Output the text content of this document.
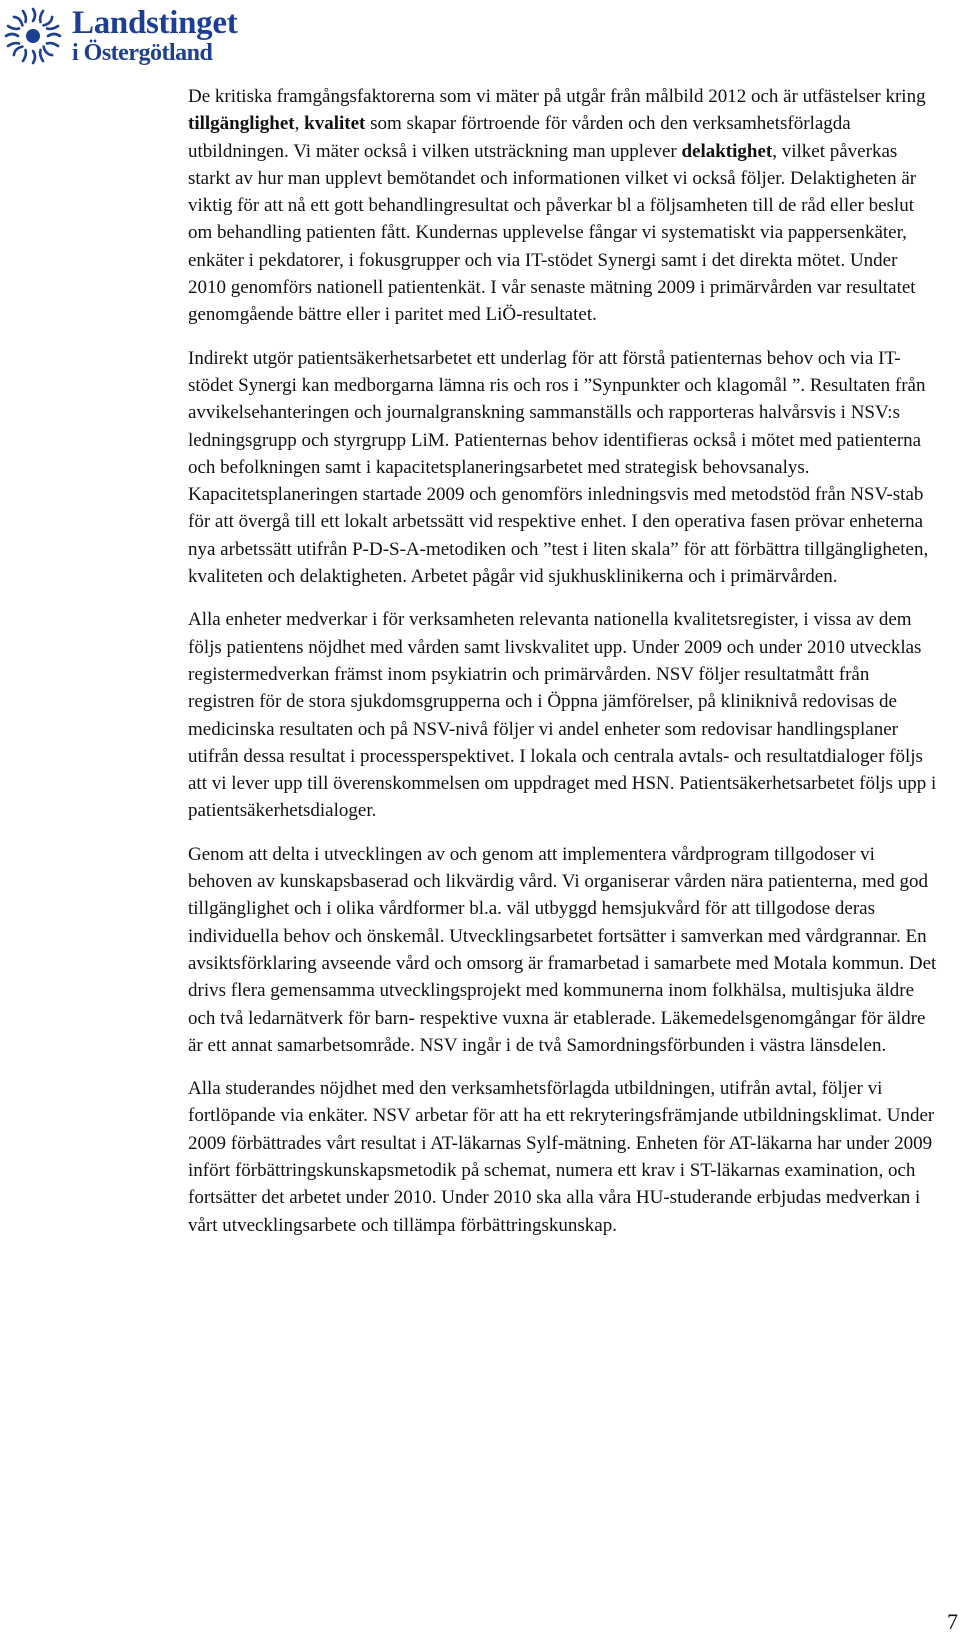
Landstinget
i Östergötland

De kritiska framgångsfaktorerna som vi mäter på utgår från målbild 2012 och är utfästelser kring tillgänglighet, kvalitet som skapar förtroende för vården och den verksamhetsförlagda utbildningen. Vi mäter också i vilken utsträckning man upplever delaktighet, vilket påverkas starkt av hur man upplevt bemötandet och informationen vilket vi också följer. Delaktigheten är viktig för att nå ett gott behandlingresultat och påverkar bl a följsamheten till de råd eller beslut om behandling patienten fått. Kundernas upplevelse fångar vi systematiskt via pappersenkäter, enkäter i pekdatorer, i fokusgrupper och via IT-stödet Synergi samt i det direkta mötet. Under 2010 genomförs nationell patientenkät. I vår senaste mätning 2009 i primärvården var resultatet genomgående bättre eller i paritet med LiÖ-resultatet.

Indirekt utgör patientsäkerhetsarbetet ett underlag för att förstå patienternas behov och via IT-stödet Synergi kan medborgarna lämna ris och ros i ”Synpunkter och klagomål ”. Resultaten från avvikelsehanteringen och journalgranskning sammanställs och rapporteras halvårsvis i NSV:s ledningsgrupp och styrgrupp LiM. Patienternas behov identifieras också i mötet med patienterna och befolkningen samt i kapacitetsplaneringsarbetet med strategisk behovsanalys. Kapacitetsplaneringen startade 2009 och genomförs inledningsvis med metodstöd från NSV-stab för att övergå till ett lokalt arbetssätt vid respektive enhet. I den operativa fasen prövar enheterna nya arbetssätt utifrån P-D-S-A-metodiken och ”test i liten skala” för att förbättra tillgängligheten, kvaliteten och delaktigheten. Arbetet pågår vid sjukhusklinikerna och i primärvården.

Alla enheter medverkar i för verksamheten relevanta nationella kvalitetsregister, i vissa av dem följs patientens nöjdhet med vården samt livskvalitet upp. Under 2009 och under 2010 utvecklas registermedverkan främst inom psykiatrin och primärvården. NSV följer resultatmått från registren för de stora sjukdomsgrupperna och i Öppna jämförelser, på kliniknivå redovisas de medicinska resultaten och på NSV-nivå följer vi andel enheter som redovisar handlingsplaner utifrån dessa resultat i processperspektivet. I lokala och centrala avtals- och resultatdialoger följs att vi lever upp till överenskommelsen om uppdraget med HSN. Patientsäkerhetsarbetet följs upp i patientsäkerhetsdialoger.

Genom att delta i utvecklingen av och genom att implementera vårdprogram tillgodoser vi behoven av kunskapsbaserad och likvärdig vård. Vi organiserar vården nära patienterna, med god tillgänglighet och i olika vårdformer bl.a. väl utbyggd hemsjukvård för att tillgodose deras individuella behov och önskemål. Utvecklingsarbetet fortsätter i samverkan med vårdgrannar. En avsiktsförklaring avseende vård och omsorg är framarbetad i samarbete med Motala kommun. Det drivs flera gemensamma utvecklingsprojekt med kommunerna inom folkhälsa, multisjuka äldre och två ledarnätverk för barn- respektive vuxna är etablerade. Läkemedelsgenomgångar för äldre är ett annat samarbetsområde. NSV ingår i de två Samordningsförbunden i västra länsdelen.

Alla studerandes nöjdhet med den verksamhetsförlagda utbildningen, utifrån avtal, följer vi fortlöpande via enkäter. NSV arbetar för att ha ett rekryteringsfrämjande utbildningsklimat. Under 2009 förbättrades vårt resultat i AT-läkarnas Sylf-mätning. Enheten för AT-läkarna har under 2009 infört förbättringskunskapsmetodik på schemat, numera ett krav i ST-läkarnas examination, och fortsätter det arbetet under 2010. Under 2010 ska alla våra HU-studerande erbjudas medverkan i vårt utvecklingsarbete och tillämpa förbättringskunskap.

7
